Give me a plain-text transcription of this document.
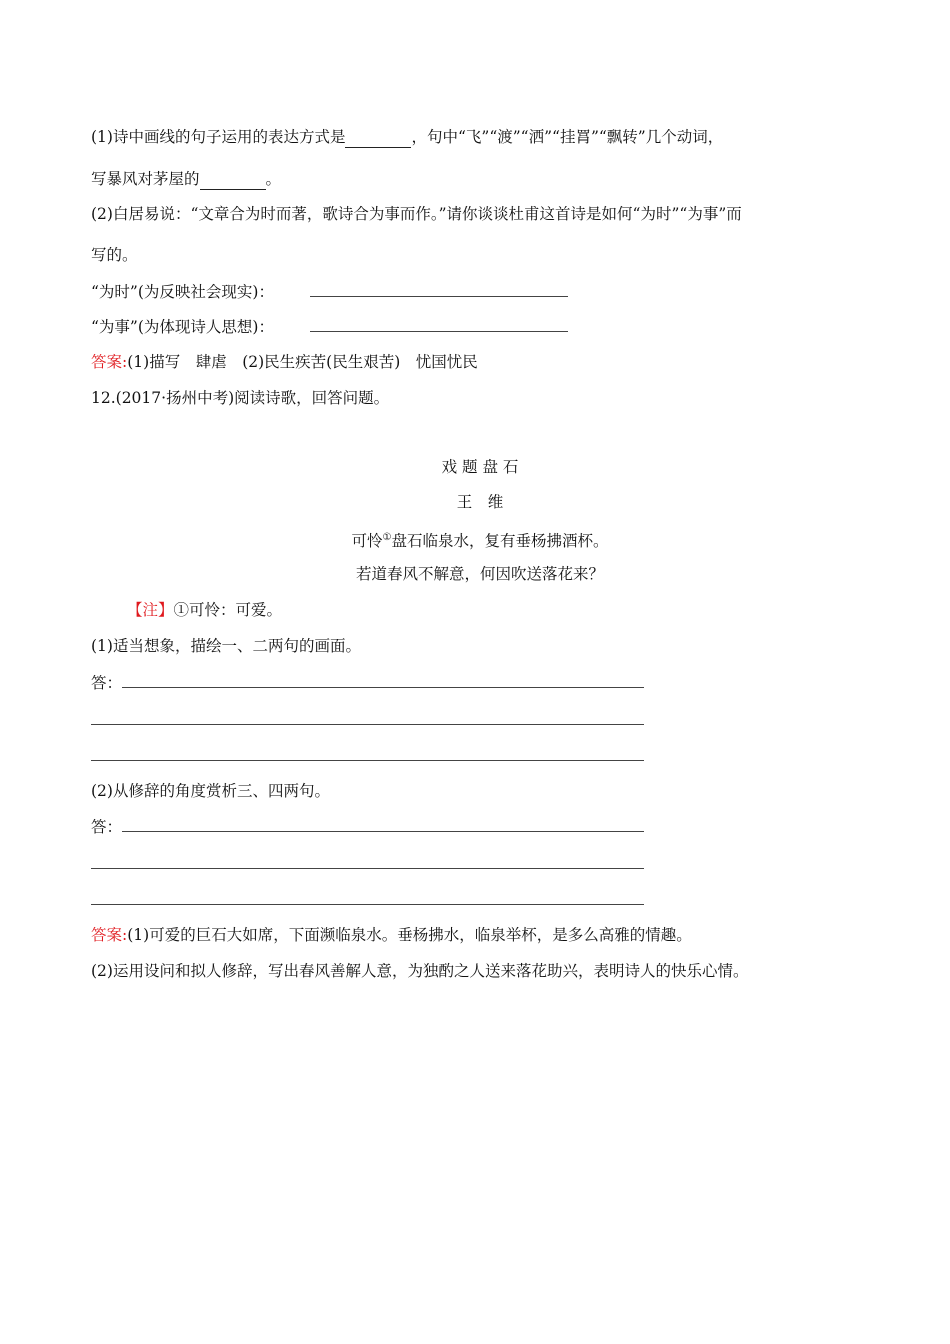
(1)诗中画线的句子运用的表达方式是	，句中“飞”“渡”“洒”“挂罥”“飘转”几个动词，
写暴风对茅屋的	。
(2)白居易说：“文章合为时而著，歌诗合为事而作。”请你谈谈杜甫这首诗是如何“为时”“为事”而
写的。
“为时”(为反映社会现实)：
“为事”(为体现诗人思想)：
答案:(1)描写　肆虐　(2)民生疾苦(民生艰苦)　忧国忧民
12.(2017·扬州中考)阅读诗歌，回答问题。
戏 题 盘 石
王　维
可怜①盘石临泉水，复有垂杨拂酒杯。
若道春风不解意，何因吹送落花来？
【注】①可怜：可爱。
(1)适当想象，描绘一、二两句的画面。
答：
(2)从修辞的角度赏析三、四两句。
答：
答案:(1)可爱的巨石大如席，下面濒临泉水。垂杨拂水，临泉举杯，是多么高雅的情趣。
(2)运用设问和拟人修辞，写出春风善解人意，为独酌之人送来落花助兴，表明诗人的快乐心情。
